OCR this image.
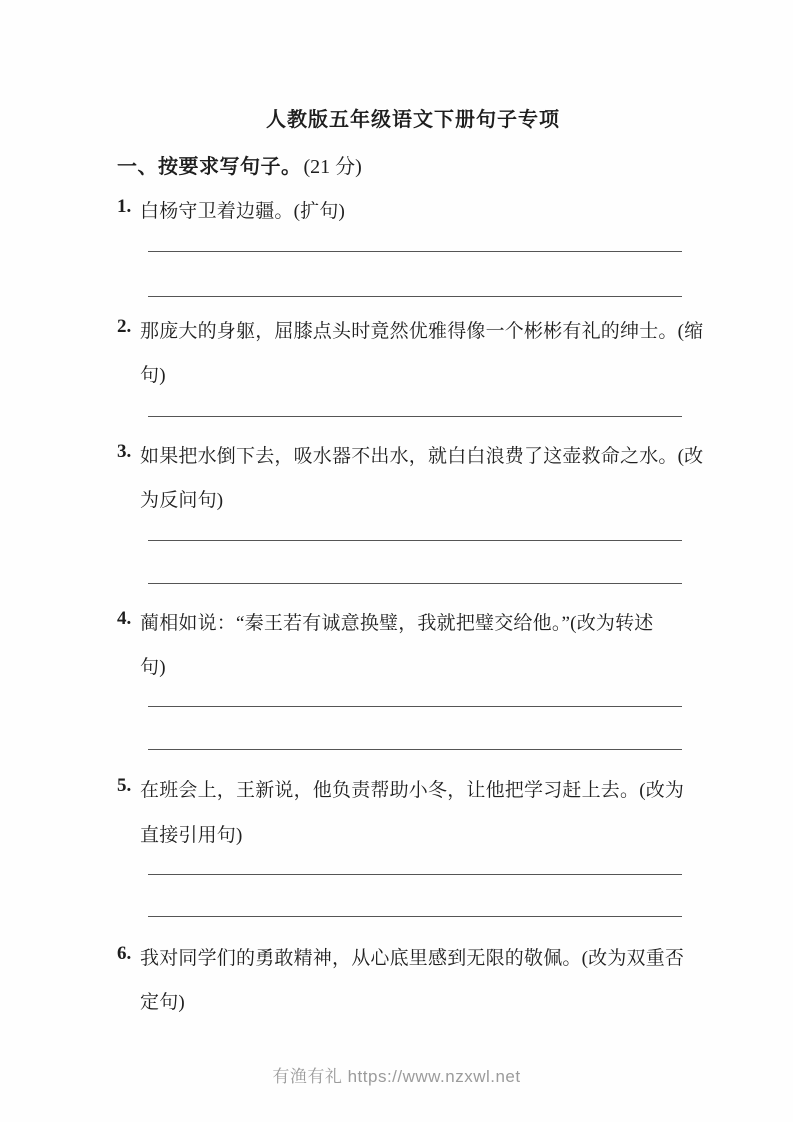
人教版五年级语文下册句子专项
一、按要求写句子。 (21 分)
1. 白杨守卫着边疆。(扩句)
2. 那庞大的身躯，屈膝点头时竟然优雅得像一个彬彬有礼的绅士。(缩
句)
3. 如果把水倒下去，吸水器不出水，就白白浪费了这壶救命之水。(改
为反问句)
4. 蔺相如说：“秦王若有诚意换璧，我就把璧交给他。”(改为转述
句)
5. 在班会上，王新说，他负责帮助小冬，让他把学习赶上去。(改为
直接引用句)
6. 我对同学们的勇敢精神，从心底里感到无限的敬佩。(改为双重否
定句)
有渔有礼 https://www.nzxwl.net
